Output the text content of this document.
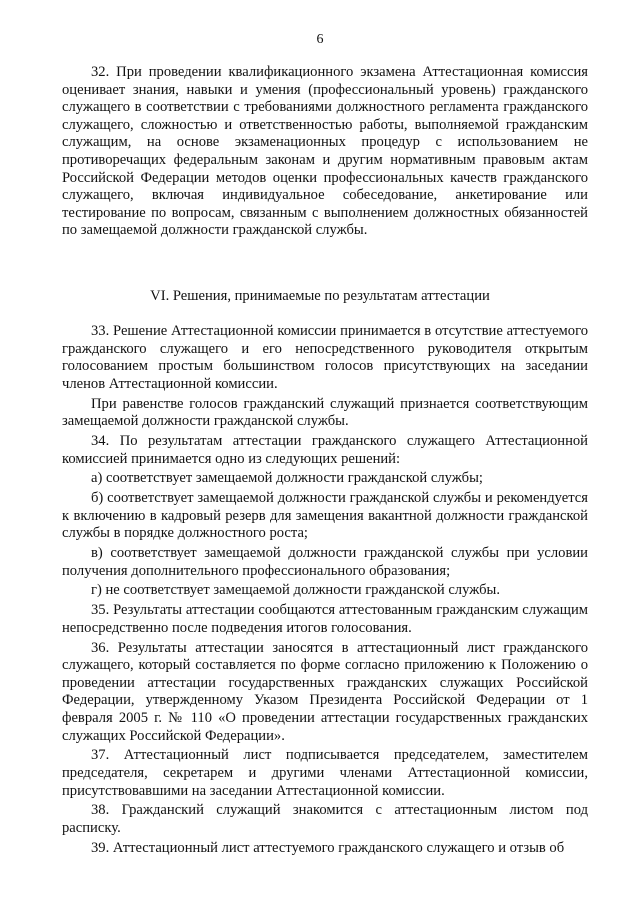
6

32. При проведении квалификационного экзамена Аттестационная комиссия оценивает знания, навыки и умения (профессиональный уровень) гражданского служащего в соответствии с требованиями должностного регламента гражданского служащего, сложностью и ответственностью работы, выполняемой гражданским служащим, на основе экзаменационных процедур с использованием не противоречащих федеральным законам и другим нормативным правовым актам Российской Федерации методов оценки профессиональных качеств гражданского служащего, включая индивидуальное собеседование, анкетирование или тестирование по вопросам, связанным с выполнением должностных обязанностей по замещаемой должности гражданской службы.

VI. Решения, принимаемые по результатам аттестации

33. Решение Аттестационной комиссии принимается в отсутствие аттестуемого гражданского служащего и его непосредственного руководителя открытым голосованием простым большинством голосов присутствующих на заседании членов Аттестационной комиссии.

При равенстве голосов гражданский служащий признается соответствующим замещаемой должности гражданской службы.

34. По результатам аттестации гражданского служащего Аттестационной комиссией принимается одно из следующих решений:

а) соответствует замещаемой должности гражданской службы;

б) соответствует замещаемой должности гражданской службы и рекомендуется к включению в кадровый резерв для замещения вакантной должности гражданской службы в порядке должностного роста;

в) соответствует замещаемой должности гражданской службы при условии получения дополнительного профессионального образования;

г) не соответствует замещаемой должности гражданской службы.

35. Результаты аттестации сообщаются аттестованным гражданским служащим непосредственно после подведения итогов голосования.

36. Результаты аттестации заносятся в аттестационный лист гражданского служащего, который составляется по форме согласно приложению к Положению о проведении аттестации государственных гражданских служащих Российской Федерации, утвержденному Указом Президента Российской Федерации от 1 февраля 2005 г. № 110 «О проведении аттестации государственных гражданских служащих Российской Федерации».

37. Аттестационный лист подписывается председателем, заместителем председателя, секретарем и другими членами Аттестационной комиссии, присутствовавшими на заседании Аттестационной комиссии.

38. Гражданский служащий знакомится с аттестационным листом под расписку.

39. Аттестационный лист аттестуемого гражданского служащего и отзыв об
